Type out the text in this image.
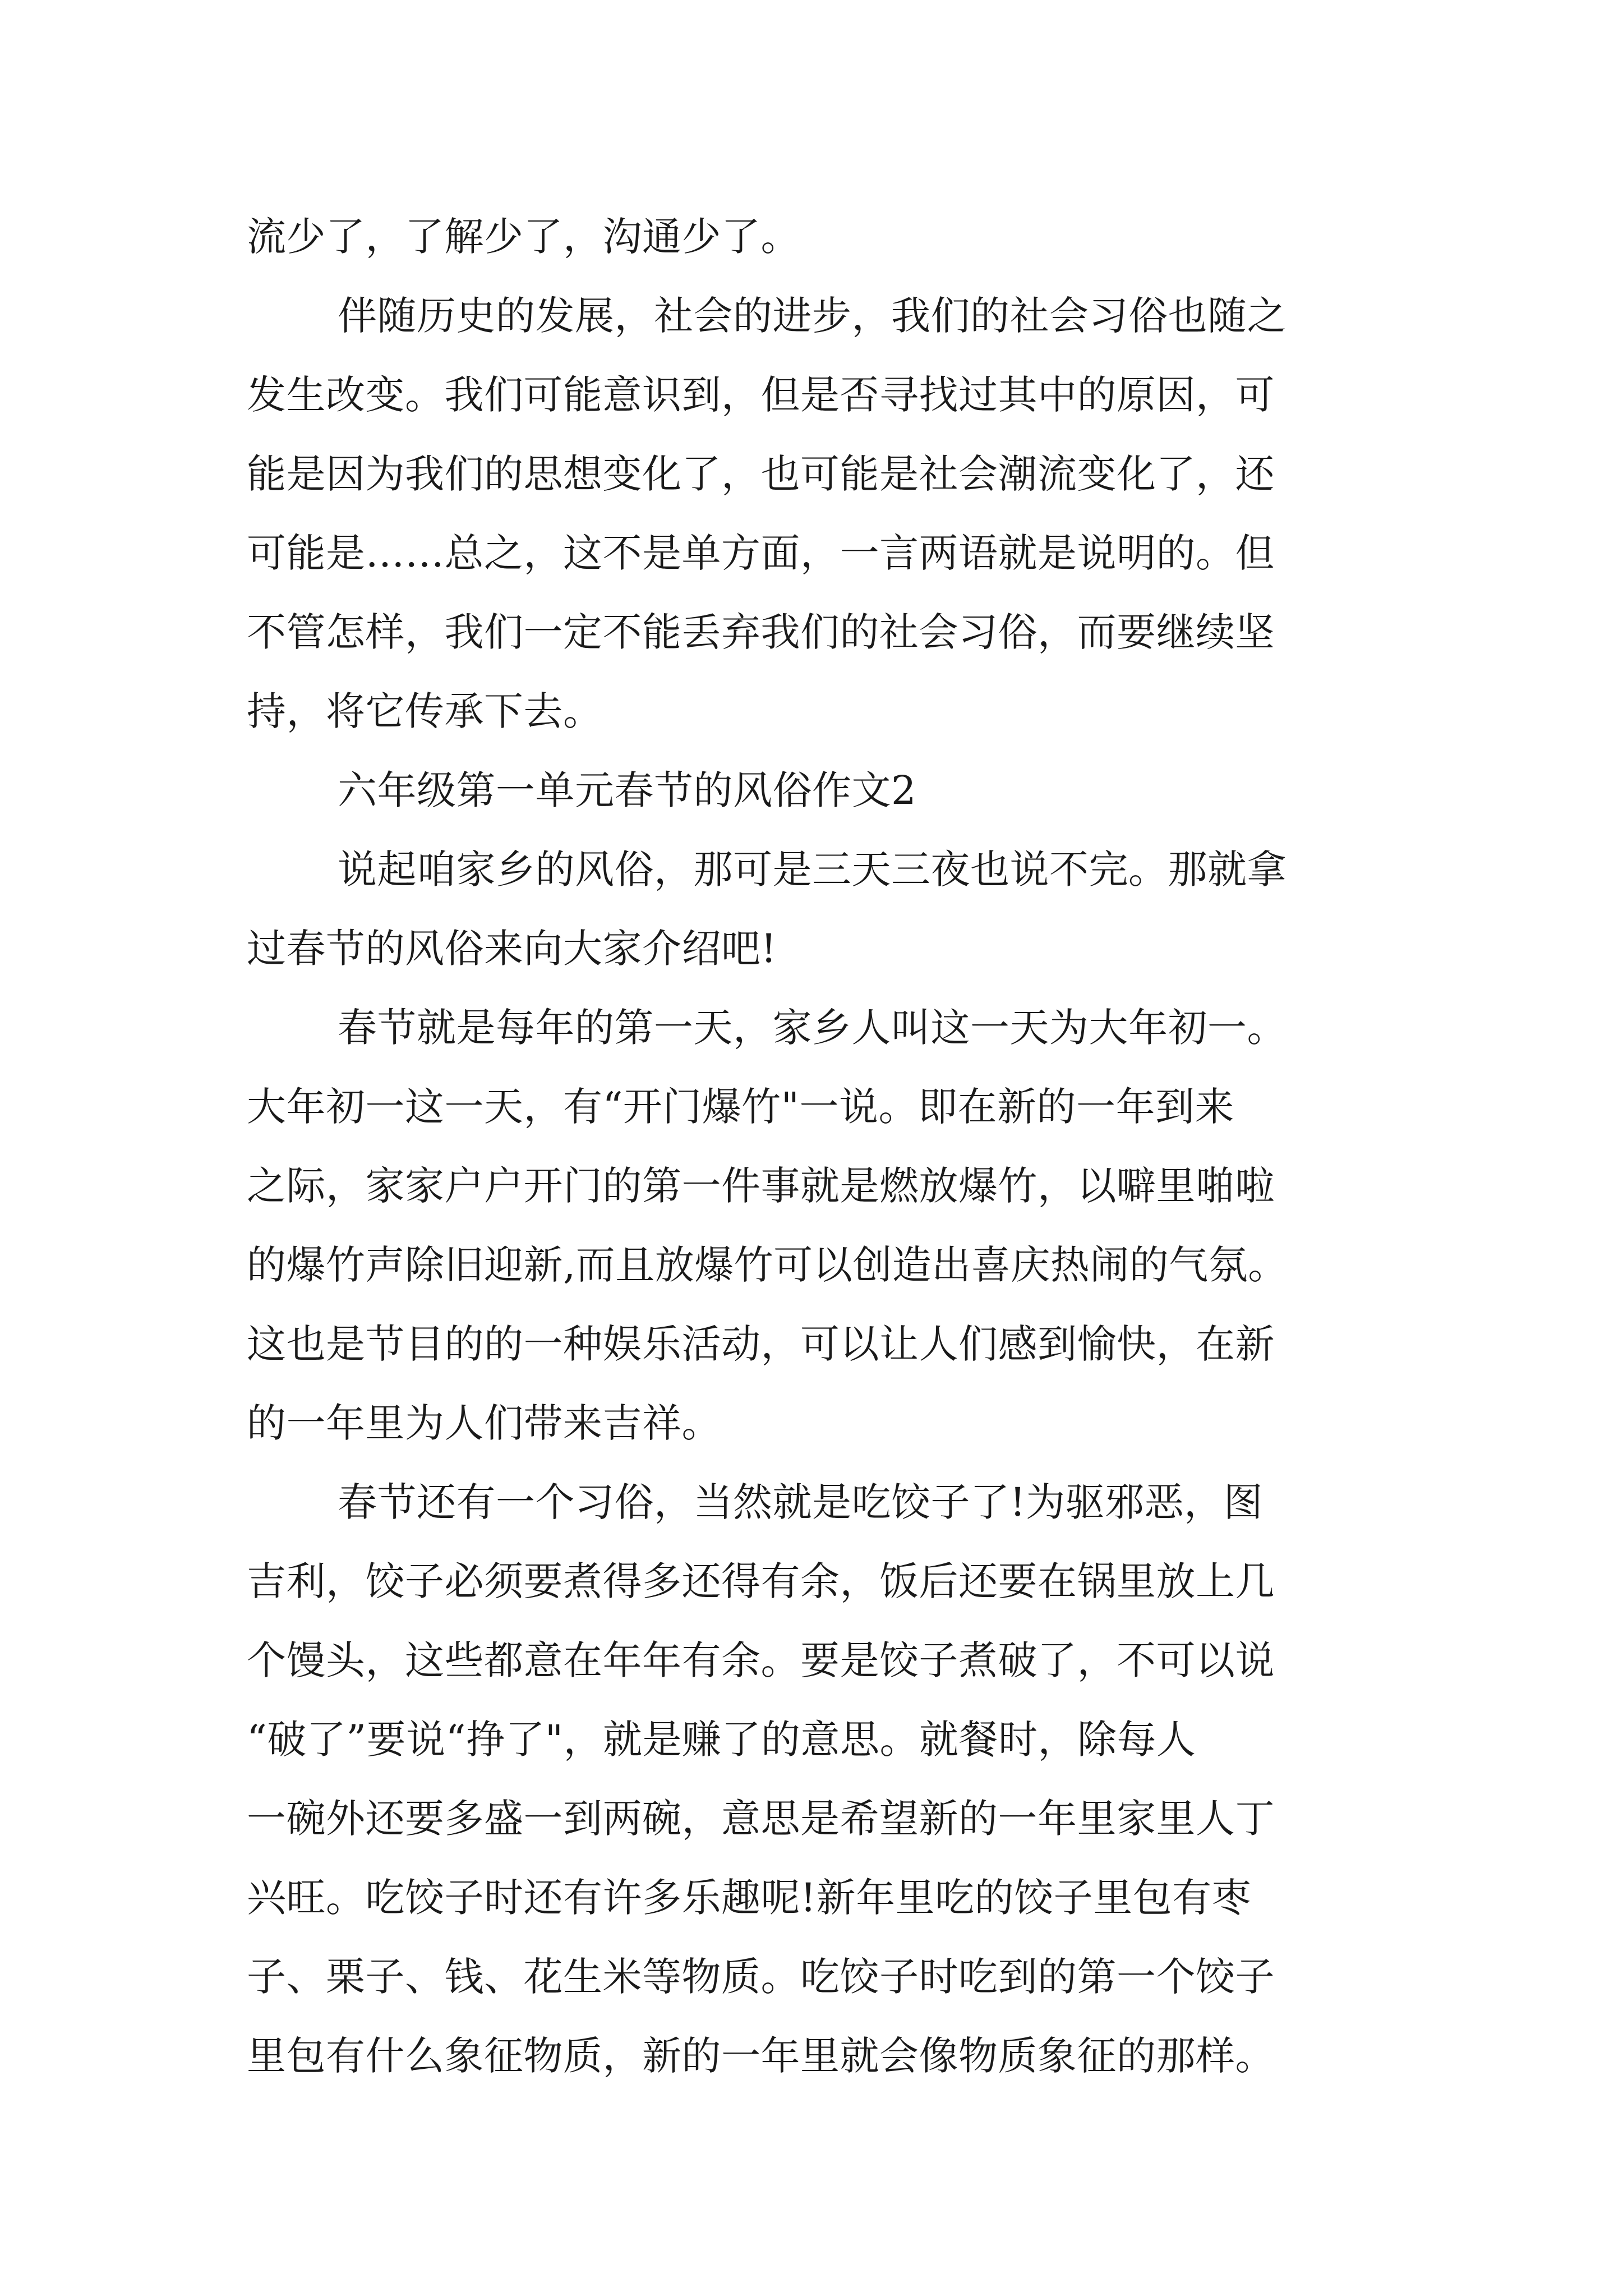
流少了，了解少了，沟通少了。
伴随历史的发展，社会的进步，我们的社会习俗也随之
发生改变。我们可能意识到，但是否寻找过其中的原因，可
能是因为我们的思想变化了，也可能是社会潮流变化了，还
可能是……总之，这不是单方面，一言两语就是说明的。但
不管怎样，我们一定不能丢弃我们的社会习俗，而要继续坚
持，将它传承下去。
六年级第一单元春节的风俗作文2
说起咱家乡的风俗，那可是三天三夜也说不完。那就拿
过春节的风俗来向大家介绍吧!
春节就是每年的第一天，家乡人叫这一天为大年初一。
大年初一这一天，有“开门爆竹"一说。即在新的一年到来
之际，家家户户开门的第一件事就是燃放爆竹，以噼里啪啦
的爆竹声除旧迎新,而且放爆竹可以创造出喜庆热闹的气氛。
这也是节目的的一种娱乐活动，可以让人们感到愉快，在新
的一年里为人们带来吉祥。
春节还有一个习俗，当然就是吃饺子了!为驱邪恶，图
吉利，饺子必须要煮得多还得有余，饭后还要在锅里放上几
个馒头，这些都意在年年有余。要是饺子煮破了，不可以说
“破了”要说“挣了"，就是赚了的意思。就餐时，除每人
一碗外还要多盛一到两碗，意思是希望新的一年里家里人丁
兴旺。吃饺子时还有许多乐趣呢!新年里吃的饺子里包有枣
子、栗子、钱、花生米等物质。吃饺子时吃到的第一个饺子
里包有什么象征物质，新的一年里就会像物质象征的那样。
